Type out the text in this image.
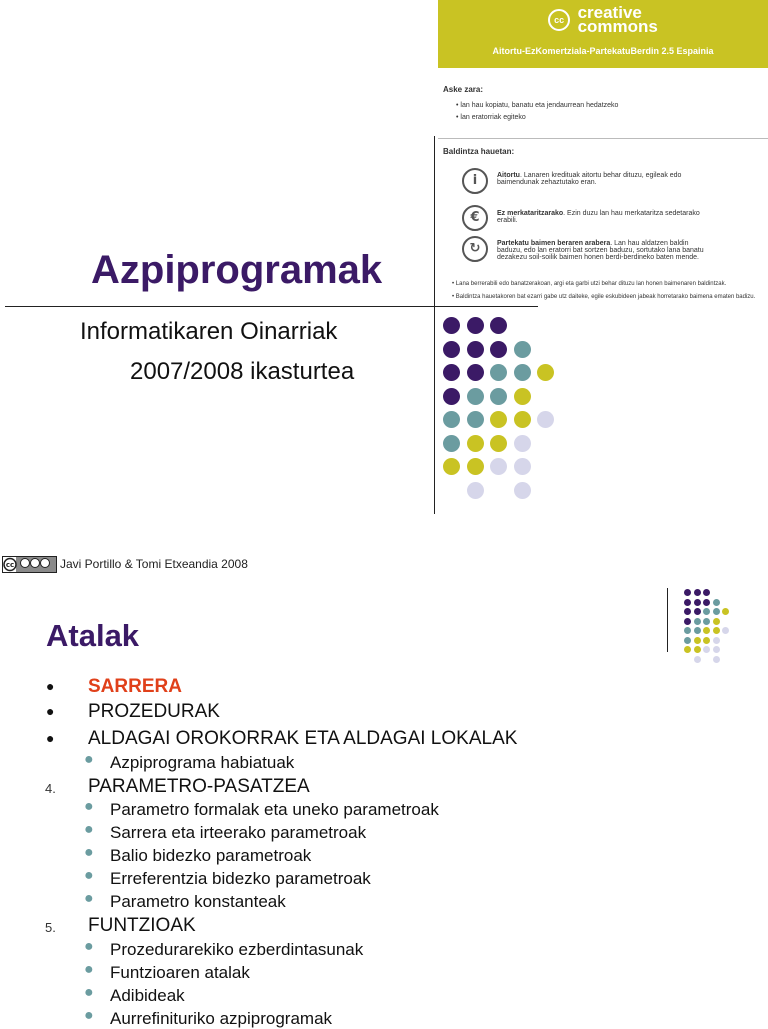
cc creative
commons
Aitortu-EzKomertziala-PartekatuBerdin 2.5 Espainia
Aske zara:
• lan hau kopiatu, banatu eta jendaurrean hedatzeko
• lan eratorriak egiteko
Baldintza hauetan:
i	Aitortu. Lanaren kredituak aitortu behar dituzu, egileak edo baimendunak zehaztutako eran.
€	Ez merkataritzarako. Ezin duzu lan hau merkataritza sedetarako erabili.
↻	Partekatu baimen beraren arabera. Lan hau aldatzen baldin baduzu, edo lan eratorri bat sortzen baduzu, sortutako lana banatu dezakezu soil-soilik baimen honen berdi-berdineko baten mende.
• Lana berrerabili edo banatzerakoan, argi eta garbi utzi behar dituzu lan honen baimenaren baldintzak.
• Baldintza hauetakoren bat ezarri gabe utz daiteke, egile eskubideen jabeak horretarako baimena ematen badizu.
Azpiprogramak
Informatikaren Oinarriak
2007/2008 ikasturtea
cc	Javi Portillo & Tomi Etxeandia 2008
Atalak
● SARRERA
● PROZEDURAK
● ALDAGAI OROKORRAK ETA ALDAGAI LOKALAK
● Azpiprograma habiatuak
4. PARAMETRO-PASATZEA
● Parametro formalak eta uneko parametroak
● Sarrera eta irteerako parametroak
● Balio bidezko parametroak
● Erreferentzia bidezko parametroak
● Parametro konstanteak
5. FUNTZIOAK
● Prozedurarekiko ezberdintasunak
● Funtzioaren atalak
● Adibideak
● Aurrefinituriko azpiprogramak
